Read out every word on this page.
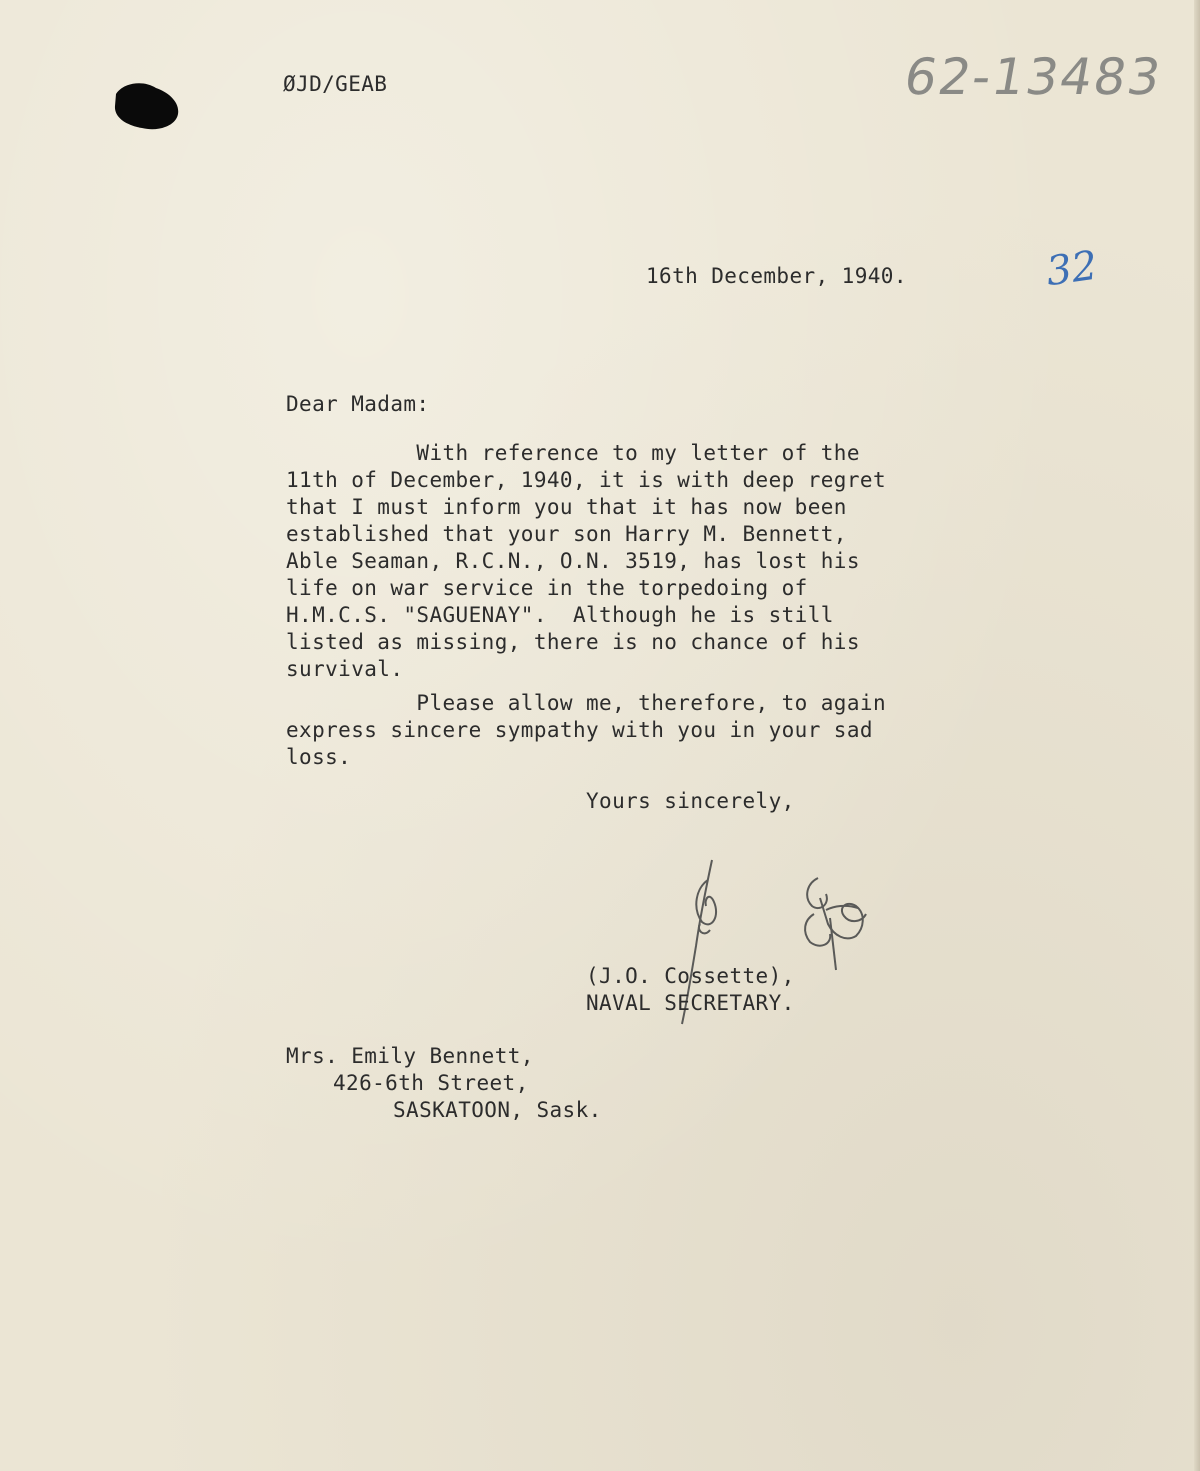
ØJD/GEAB	62-13483
16th December, 1940.	32
Dear Madam:
With reference to my letter of the
11th of December, 1940, it is with deep regret
that I must inform you that it has now been
established that your son Harry M. Bennett,
Able Seaman, R.C.N., O.N. 3519, has lost his
life on war service in the torpedoing of
H.M.C.S. "SAGUENAY".  Although he is still
listed as missing, there is no chance of his
survival.
Please allow me, therefore, to again
express sincere sympathy with you in your sad
loss.
Yours sincerely,
(J.O. Cossette),
NAVAL SECRETARY.
Mrs. Emily Bennett,
426-6th Street,
SASKATOON, Sask.
